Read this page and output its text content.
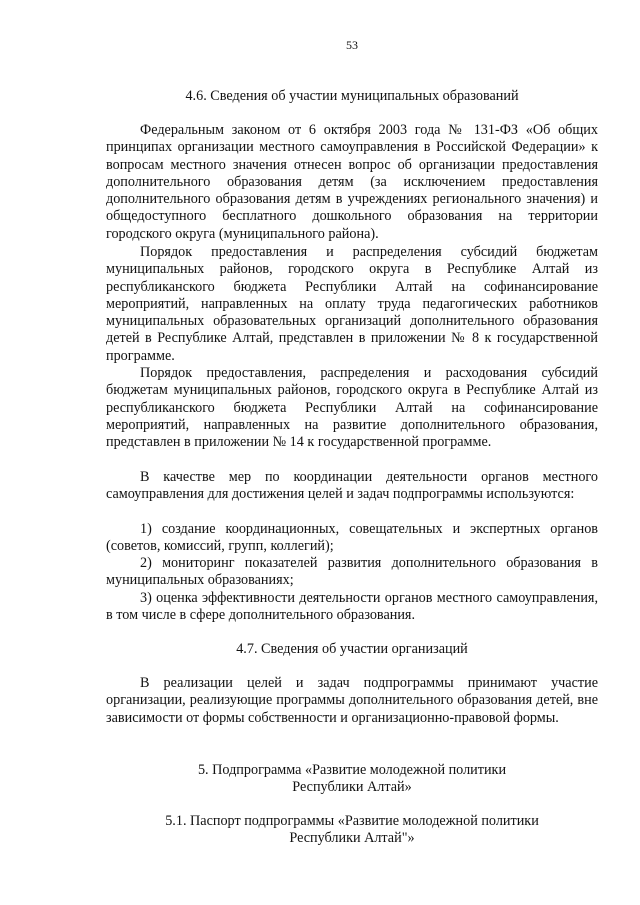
53
4.6. Сведения об участии муниципальных образований

Федеральным законом от 6 октября 2003 года № 131-ФЗ «Об общих принципах организации местного самоуправления в Российской Федерации» к вопросам местного значения отнесен вопрос об организации предоставления дополнительного образования детям (за исключением предоставления дополнительного образования детям в учреждениях регионального значения) и общедоступного бесплатного дошкольного образования на территории городского округа (муниципального района).

Порядок предоставления и распределения субсидий бюджетам муниципальных районов, городского округа в Республике Алтай из республиканского бюджета Республики Алтай на софинансирование мероприятий, направленных на оплату труда педагогических работников муниципальных образовательных организаций дополнительного образования детей в Республике Алтай, представлен в приложении № 8 к государственной программе.

Порядок предоставления, распределения и расходования субсидий бюджетам муниципальных районов, городского округа в Республике Алтай из республиканского бюджета Республики Алтай на софинансирование мероприятий, направленных на развитие дополнительного образования, представлен в приложении № 14 к государственной программе.

В качестве мер по координации деятельности органов местного самоуправления для достижения целей и задач подпрограммы используются:

1) создание координационных, совещательных и экспертных органов (советов, комиссий, групп, коллегий);

2) мониторинг показателей развития дополнительного образования в муниципальных образованиях;

3) оценка эффективности деятельности органов местного самоуправления, в том числе в сфере дополнительного образования.

4.7. Сведения об участии организаций

В реализации целей и задач подпрограммы принимают участие организации, реализующие программы дополнительного образования детей, вне зависимости от формы собственности и организационно-правовой формы.

5. Подпрограмма «Развитие молодежной политики
Республики Алтай»
5.1. Паспорт подпрограммы «Развитие молодежной политики
Республики Алтай"»
